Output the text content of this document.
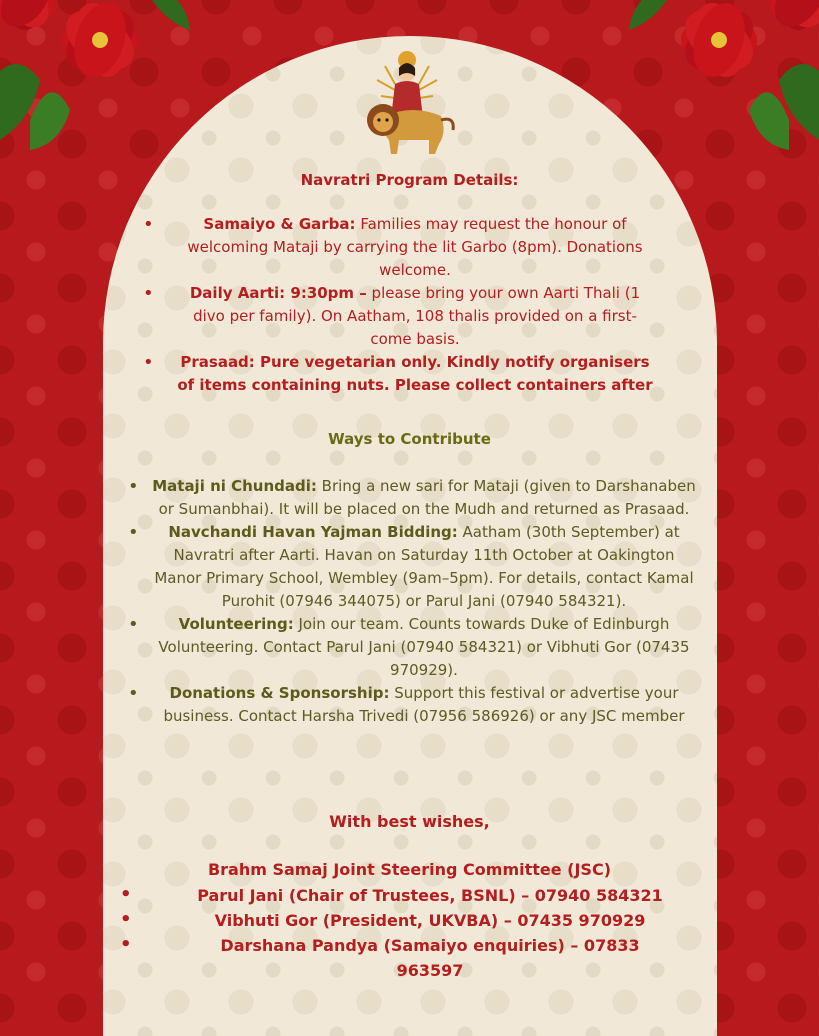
Navratri Program Details:
•	Samaiyo & Garba: Families may request the honour of welcoming Mataji by carrying the lit Garbo (8pm). Donations welcome.
• Daily Aarti: 9:30pm – please bring your own Aarti Thali (1 divo per family). On Aatham, 108 thalis provided on a first-come basis.
• Prasaad: Pure vegetarian only. Kindly notify organisers of items containing nuts. Please collect containers after
Ways to Contribute
• Mataji ni Chundadi: Bring a new sari for Mataji (given to Darshanaben or Sumanbhai). It will be placed on the Mudh and returned as Prasaad.
• Navchandi Havan Yajman Bidding: Aatham (30th September) at Navratri after Aarti. Havan on Saturday 11th October at Oakington Manor Primary School, Wembley (9am–5pm). For details, contact Kamal Purohit (07946 344075) or Parul Jani (07940 584321).
•	Volunteering: Join our team. Counts towards Duke of Edinburgh Volunteering. Contact Parul Jani (07940 584321) or Vibhuti Gor (07435 970929).
• Donations & Sponsorship: Support this festival or advertise your business. Contact Harsha Trivedi (07956 586926) or any JSC member
With best wishes,
Brahm Samaj Joint Steering Committee (JSC)
•	Parul Jani (Chair of Trustees, BSNL) – 07940 584321
•	Vibhuti Gor (President, UKVBA) – 07435 970929
•	Darshana Pandya (Samaiyo enquiries) – 07833 963597
